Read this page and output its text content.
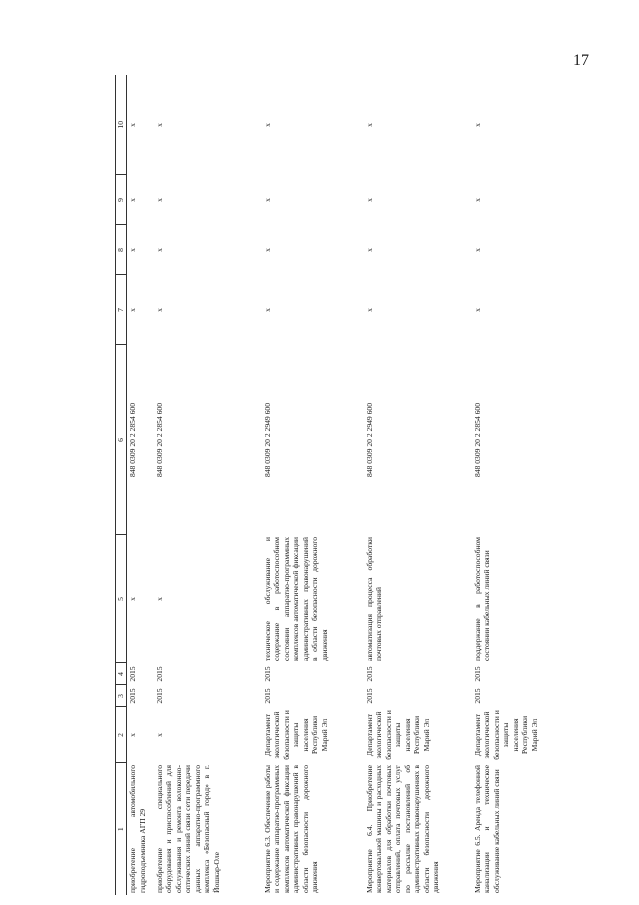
17
1	2	3	4	5	6	7	8	9	10
приобретение автомобильного гидроподъемника АГП 29	х	2015	2015	х	848 0309 20 2 2854 600	х	х	х	х
приобретение специального оборудования и приспособлений для обслуживания и ремонта волоконно-оптических линий связи сети передачи данных аппаратно-программного комплекса «Безопасный город» в г. Йошкар-Оле	х	2015	2015	х	848 0309 20 2 2854 600	х	х	х	х
Мероприятие 6.3. Обеспечение работы и содержание аппаратно-программных комплексов автоматической фиксации административных правонарушений в области безопасности дорожного движения	Департамент экологической безопасности и защиты населения Республики Марий Эл	2015	2015	техническое обслуживание и содержание в работоспособном состоянии аппаратно-программных комплексов автоматической фиксации административных правонарушений в области безопасности дорожного движения	848 0309 20 2 2949 600	х	х	х	х
Мероприятие 6.4. Приобретение конвертовальной машины и расходных материалов для обработки почтовых отправлений, оплата почтовых услуг по рассылке постановлений об административных правонарушениях в области безопасности дорожного движения	Департамент экологической безопасности и защиты населения Республики Марий Эл	2015	2015	автоматизация процесса обработки почтовых отправлений	848 0309 20 2 2949 600	х	х	х	х
Мероприятие 6.5. Аренда телефонной канализации и техническое обслуживание кабельных линий связи	Департамент экологической безопасности и защиты населения Республики Марий Эл	2015	2015	поддержание в работоспособном состоянии кабельных линий связи	848 0309 20 2 2854 600	х	х	х	х
